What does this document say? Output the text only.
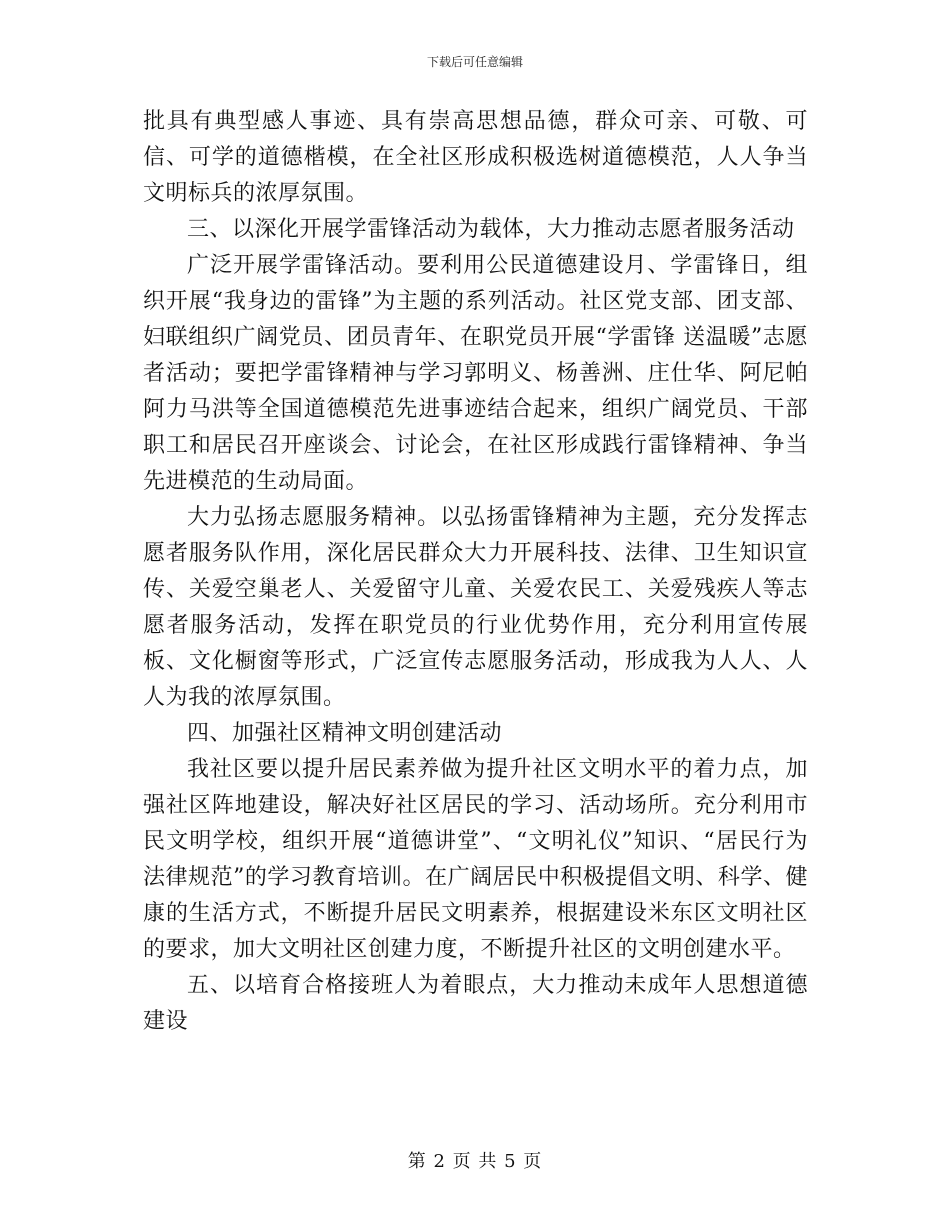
下载后可任意编辑

批具有典型感人事迹、具有崇高思想品德，群众可亲、可敬、可信、可学的道德楷模，在全社区形成积极选树道德模范，人人争当文明标兵的浓厚氛围。

三、以深化开展学雷锋活动为载体，大力推动志愿者服务活动

广泛开展学雷锋活动。要利用公民道德建设月、学雷锋日，组织开展“我身边的雷锋”为主题的系列活动。社区党支部、团支部、妇联组织广阔党员、团员青年、在职党员开展“学雷锋 送温暖”志愿者活动；要把学雷锋精神与学习郭明义、杨善洲、庄仕华、阿尼帕 阿力马洪等全国道德模范先进事迹结合起来，组织广阔党员、干部职工和居民召开座谈会、讨论会，在社区形成践行雷锋精神、争当先进模范的生动局面。

大力弘扬志愿服务精神。以弘扬雷锋精神为主题，充分发挥志愿者服务队作用，深化居民群众大力开展科技、法律、卫生知识宣传、关爱空巢老人、关爱留守儿童、关爱农民工、关爱残疾人等志愿者服务活动，发挥在职党员的行业优势作用，充分利用宣传展板、文化橱窗等形式，广泛宣传志愿服务活动，形成我为人人、人人为我的浓厚氛围。

四、加强社区精神文明创建活动

我社区要以提升居民素养做为提升社区文明水平的着力点，加强社区阵地建设，解决好社区居民的学习、活动场所。充分利用市民文明学校，组织开展“道德讲堂”、“文明礼仪”知识、“居民行为法律规范”的学习教育培训。在广阔居民中积极提倡文明、科学、健康的生活方式，不断提升居民文明素养，根据建设米东区文明社区的要求，加大文明社区创建力度，不断提升社区的文明创建水平。

五、以培育合格接班人为着眼点，大力推动未成年人思想道德建设

第 2 页 共 5 页
